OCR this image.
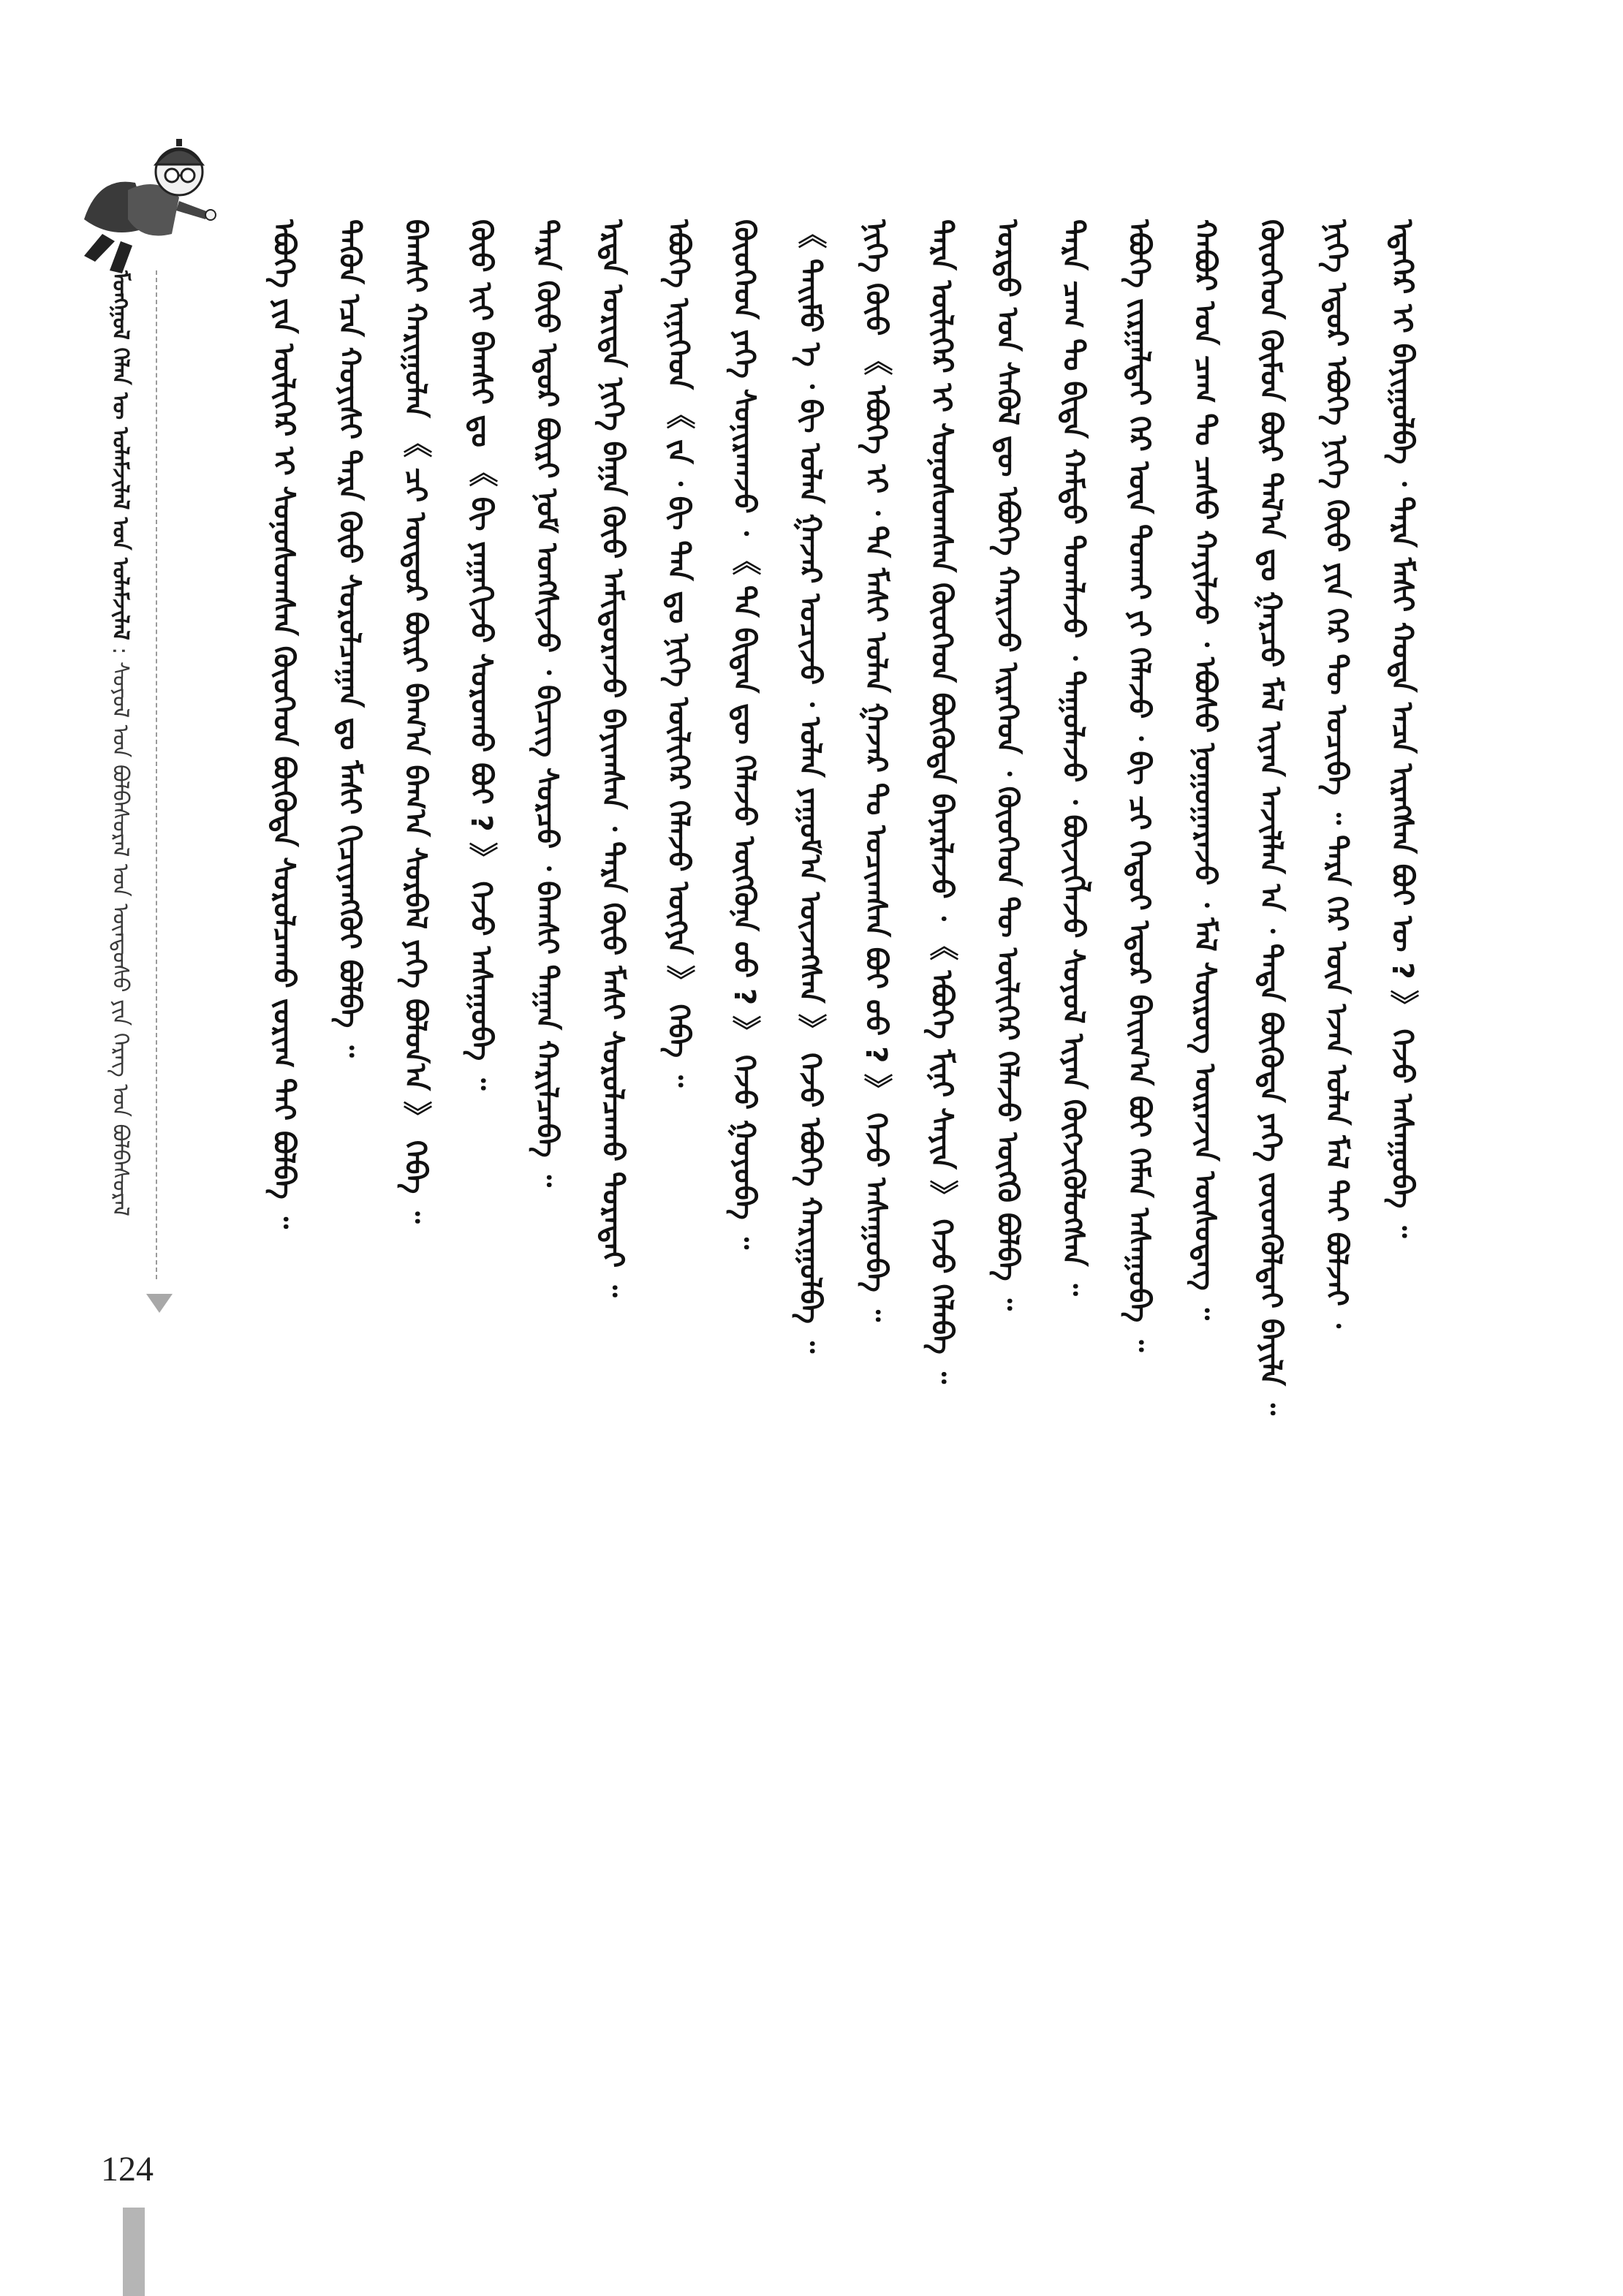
ᠮᠣᠩᠭᠣᠯ ᠬᠡᠯᠡᠨ ᠦ ᠤᠯᠠᠮᠵᠢᠯᠠᠯ ᠤᠨ ᠤᠯᠠᠮᠵᠢᠯᠠᠯ : ᠰᠣᠶᠣᠯ ᠤᠨ ᠪᠣᠯᠪᠠᠰᠤᠷᠠᠯ ᠤᠨ ᠦᠨᠳᠦᠰᠦ ᠶᠢᠨ ᠬᠡᠷᠡᠭ ᠤᠨ ᠪᠣᠯᠪᠠᠰᠤᠷᠠᠯ	ᠡᠳᠡᠭᠡᠷ ᠢ ᠪᠠᠶᠢᠭᠤᠯᠪᠠ ᠂ ᠲᠡᠷᠡ ᠮᠠᠰᠢ ᠬᠣᠲᠠ ᠠᠴᠠ ᠢᠷᠡᠭᠰᠡᠨ ᠪᠣᠢ ᠦ ? 》 ᠭᠡᠵᠦ ᠠᠰᠠᠭᠤᠪᠠ ᠃
ᠨᠢᠭᠡ ᠡᠳᠦᠷ ᠡᠪᠦᠭᠡ ᠨᠢᠭᠡ ᠬᠦᠦ ᠶᠢᠨ ᠭᠡᠷ ᠲᠦ ᠣᠴᠢᠪᠠ ᠃ ᠲᠡᠷᠡ ᠭᠡᠷ ᠦᠨ ᠡᠵᠡᠨ ᠣᠯᠠᠨ ᠮᠠᠯ ᠲᠠᠢ ᠪᠣᠯᠵᠡᠢ ᠂
ᠬᠦᠦᠬᠡᠳ ᠬᠦᠮᠦᠨ ᠪᠦᠷ ᠲᠠᠯ᠎ᠠ ᠳᠤ ᠭᠠᠷᠴᠤ ᠮᠠᠯ ᠢᠶᠠᠨ ᠠᠵᠢᠯᠯᠠᠨ ᠠ ᠂ ᠲᠡᠳᠡ ᠪᠦᠭᠦᠳᠡ ᠶᠡᠬᠡ ᠵᠦᠳᠬᠦᠯᠲᠡᠢ ᠪᠠᠶᠢᠯᠠ ᠃
ᠬᠠᠪᠤᠷ ᠤᠨ ᠴᠠᠭ ᠲᠤ ᠴᠠᠰᠤ ᠬᠠᠶᠢᠯᠵᠤ ᠂ ᠡᠪᠦᠰᠦ ᠨᠣᠭᠣᠭᠠᠷᠠᠵᠤ ᠂ ᠮᠠᠯ ᠰᠦᠷᠦᠭ ᠦᠷᠡᠵᠢᠨ ᠥᠰᠦᠳᠡᠭ ᠃
ᠡᠪᠦᠭᠡ ᠵᠢᠷᠭᠠᠯᠲᠠᠢ ᠭᠡᠷ ᠦᠨ ᠲᠤᠬᠠᠢ ᠶᠢ ᠬᠡᠯᠡᠵᠦ ᠂ ᠪᠢ ᠴᠢ ᠬᠡᠳᠦᠢ ᠡᠳᠦᠷ ᠪᠠᠢᠭ᠎ᠠ ᠪᠤᠢ ᠬᠡᠮᠡᠨ ᠠᠰᠠᠭᠤᠪᠠ ᠃
ᠲᠡᠷᠡ ᠴᠠᠭ ᠲᠤ ᠪᠢᠳᠡ ᠬᠠᠮᠲᠤ ᠲᠣᠭᠯᠠᠵᠤ ᠂ ᠳᠠᠭᠤᠯᠠᠵᠤ ᠂ ᠪᠦᠵᠢᠭᠯᠡᠵᠦ ᠰᠣᠶᠣᠯ ᠢᠶᠠᠨ ᠬᠦᠭᠵᠢᠭᠦᠯᠦᠭᠰᠡᠨ ᠃
ᠤᠷᠲᠤ ᠤᠨ ᠰᠡᠭᠦᠯ ᠳᠦ ᠡᠪᠦᠭᠡ ᠬᠠᠷᠢᠵᠤ ᠢᠷᠡᠭᠡᠳ ᠂ ᠬᠦᠦᠬᠡᠳ ᠲᠦ ᠦᠯᠢᠭᠡᠷ ᠬᠡᠯᠡᠵᠦ ᠦᠭᠬᠦ ᠪᠣᠯᠪᠠ ᠃
ᠲᠡᠷᠡ ᠦᠯᠢᠭᠡᠷ ᠢ ᠰᠣᠨᠣᠰᠤᠭᠰᠠᠨ ᠬᠦᠦᠬᠡᠳ ᠪᠦᠭᠦᠳᠡ ᠪᠠᠶᠠᠷᠯᠠᠵᠤ ᠂ 《 ᠡᠪᠦᠭᠡ ᠮᠢᠨᠢ ᠰᠠᠶᠢᠨ 》 ᠭᠡᠵᠦ ᠬᠡᠯᠡᠪᠡ ᠃
ᠨᠢᠭᠡ ᠬᠦᠦ 《 ᠡᠪᠦᠭᠡ ᠡᠢ ᠂ ᠲᠠ ᠮᠠᠰᠢ ᠣᠯᠠᠨ ᠭᠠᠵᠠᠷ ᠲᠤ ᠣᠴᠢᠭᠰᠠᠨ ᠪᠣᠢ ᠤᠤ ? 》 ᠭᠡᠵᠦ ᠠᠰᠠᠭᠤᠪᠠ ᠃
《 ᠲᠡᠢᠮᠦ ᠡ ᠂ ᠪᠢ ᠣᠯᠠᠨ ᠭᠠᠵᠠᠷ ᠣᠴᠢᠵᠤ ᠂ ᠣᠯᠠᠨ ᠶᠠᠭᠤᠮ᠎ᠠ ᠦᠵᠡᠭᠰᠡᠨ 》 ᠭᠡᠵᠦ ᠡᠪᠦᠭᠡ ᠬᠠᠷᠢᠭᠤᠯᠪᠠ ᠃
ᠬᠦᠦᠬᠡᠳ ᠶᠡᠬᠡ ᠰᠣᠨᠢᠷᠬᠠᠵᠤ ᠂ 《 ᠲᠠ ᠪᠢᠳᠡᠨ ᠳᠦ ᠬᠡᠯᠡᠵᠦ ᠦᠭᠭᠦᠨᠡ ᠦᠦ ? 》 ᠭᠡᠵᠦ ᠭᠤᠶᠤᠪᠠ ᠃
ᠡᠪᠦᠭᠡ ᠢᠨᠢᠭᠡᠳ 《 ᠵᠠ ᠂ ᠪᠢ ᠲᠠᠨ ᠳᠤ ᠨᠢᠭᠡ ᠦᠯᠢᠭᠡᠷ ᠬᠡᠯᠡᠵᠦ ᠦᠭᠶᠡ 》 ᠭᠡᠪᠡ ᠃
ᠡᠷᠲᠡ ᠤᠷᠢᠳᠠ ᠨᠢᠭᠡ ᠪᠠᠭᠠ ᠬᠦᠦ ᠠᠮᠢᠳᠤᠷᠠᠵᠤ ᠪᠠᠶᠢᠭᠰᠠᠨ ᠂ ᠲᠡᠷᠡ ᠬᠦᠦ ᠮᠠᠰᠢ ᠰᠤᠷᠤᠯᠴᠠᠬᠤ ᠳᠤᠷᠠᠲᠠᠢ ᠃
ᠲᠡᠷᠡ ᠬᠦᠦ ᠡᠳᠦᠷ ᠪᠦᠷᠢ ᠨᠣᠮ ᠤᠩᠰᠢᠵᠤ ᠂ ᠪᠢᠴᠢᠭ ᠰᠤᠷᠴᠤ ᠂ ᠪᠠᠭᠰᠢ ᠳᠠᠭᠠᠨ ᠬᠠᠷᠢᠯᠴᠠᠪᠠ ᠃
ᠬᠦᠦ ᠢᠢ ᠪᠠᠭᠰᠢ ᠳᠤ 《 ᠪᠢ ᠶᠠᠭᠠᠬᠢᠵᠤ ᠰᠤᠷᠤᠬᠤ ᠪᠤᠢ ? 》 ᠭᠡᠵᠦ ᠠᠰᠠᠭᠤᠪᠠ ᠃
ᠪᠠᠭᠰᠢ ᠬᠠᠷᠢᠭᠤᠯᠠᠨ 《 ᠴᠢ ᠦᠳᠦᠷ ᠪᠦᠷᠢ ᠪᠠᠭ᠎ᠠ ᠪᠠᠭ᠎ᠠ ᠰᠤᠷᠪᠠᠯ ᠶᠡᠬᠡ ᠪᠣᠯᠤᠨ᠎ᠠ 》 ᠭᠡᠪᠡ ᠃
ᠲᠡᠭᠦᠨ ᠡᠴᠡ ᠬᠣᠶᠢᠰᠢ ᠲᠡᠷᠡ ᠬᠦᠦ ᠰᠤᠷᠤᠯᠴᠠᠭᠠᠨ ᠳᠤ ᠮᠠᠰᠢ ᠬᠢᠴᠢᠶᠡᠩᠭᠦᠢ ᠪᠣᠯᠪᠠ ᠃
ᠡᠪᠦᠭᠡ ᠶᠢᠨ ᠦᠯᠢᠭᠡᠷ ᠢ ᠰᠣᠨᠣᠰᠤᠭᠰᠠᠨ ᠬᠦᠦᠬᠡᠳ ᠪᠦᠭᠦᠳᠡ ᠰᠤᠷᠤᠯᠴᠠᠬᠤ ᠵᠣᠷᠢᠭ ᠲᠠᠢ ᠪᠣᠯᠪᠠ ᠃
124
